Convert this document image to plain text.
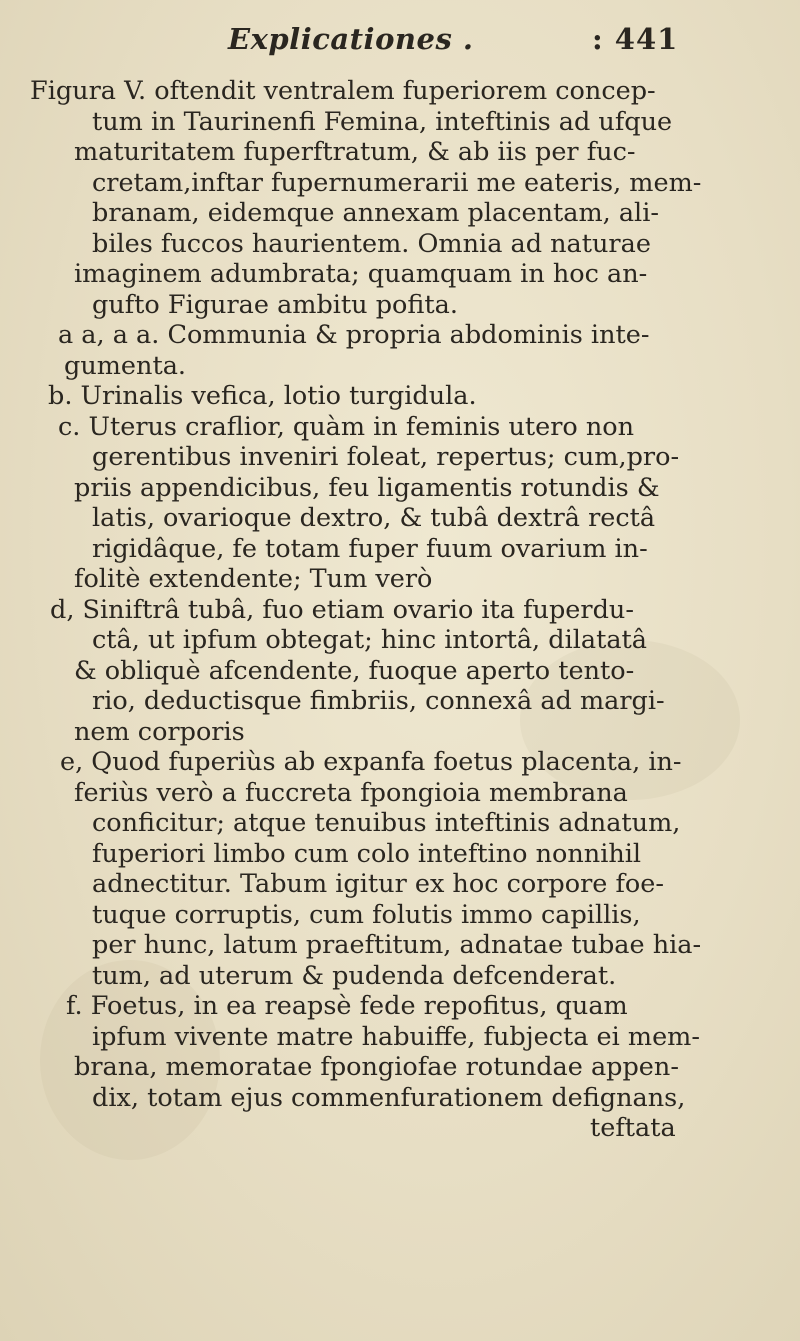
Explicationes .	: 441
Figura V. oftendit ventralem fuperiorem concep-
tum in Taurinenfi Femina, inteftinis ad ufque
maturitatem fuperftratum, & ab iis per fuc-
cretam,inftar fupernumerarii me eateris, mem-
branam, eidemque annexam placentam, ali-
biles fuccos haurientem. Omnia ad naturae
imaginem adumbrata; quamquam in hoc an-
gufto Figurae ambitu pofita.
a a, a a. Communia & propria abdominis inte-
gumenta.
b. Urinalis vefica, lotio turgidula.
c. Uterus craflior, quàm in feminis utero non
gerentibus inveniri foleat, repertus; cum,pro-
priis appendicibus, feu ligamentis rotundis &
latis, ovarioque dextro, & tubâ dextrâ rectâ
rigidâque, fe totam fuper fuum ovarium in-
folitè extendente; Tum verò
d, Siniftrâ tubâ, fuo etiam ovario ita fuperdu-
ctâ, ut ipfum obtegat; hinc intortâ, dilatatâ
& obliquè afcendente, fuoque aperto tento-
rio, deductisque fimbriis, connexâ ad margi-
nem corporis
e, Quod fuperiùs ab expanfa foetus placenta, in-
feriùs verò a fuccreta fpongioia membrana
conficitur; atque tenuibus inteftinis adnatum,
fuperiori limbo cum colo inteftino nonnihil
adnectitur. Tabum igitur ex hoc corpore foe-
tuque corruptis, cum folutis immo capillis,
per hunc, latum praeftitum, adnatae tubae hia-
tum, ad uterum & pudenda defcenderat.
f. Foetus, in ea reapsè fede repofitus, quam
ipfum vivente matre habuiffe, fubjecta ei mem-
brana, memoratae fpongiofae rotundae appen-
dix, totam ejus commenfurationem defignans,
teftata
